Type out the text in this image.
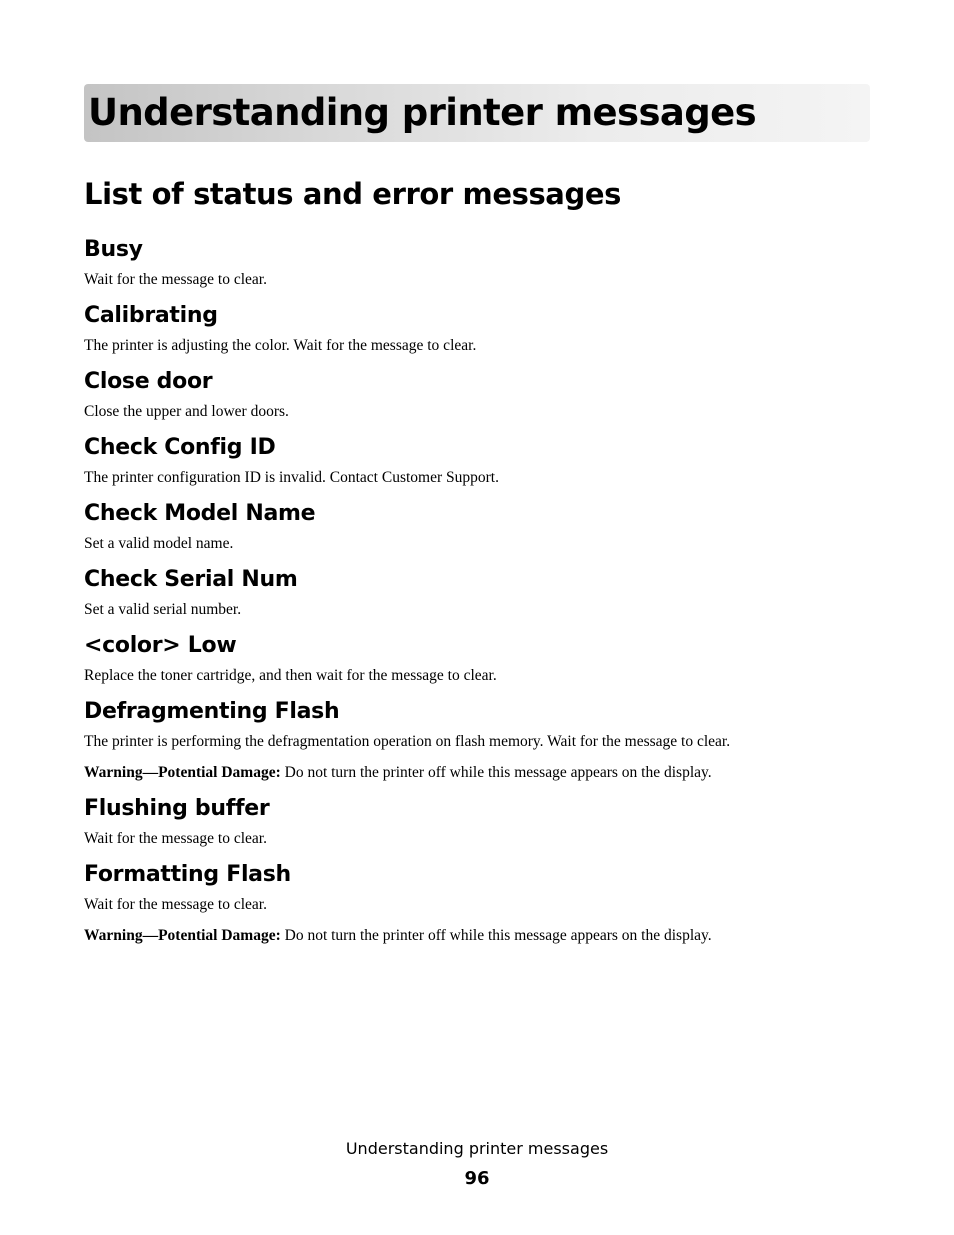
Understanding printer messages
List of status and error messages
Busy

Wait for the message to clear.

Calibrating

The printer is adjusting the color. Wait for the message to clear.

Close door

Close the upper and lower doors.

Check Config ID

The printer configuration ID is invalid. Contact Customer Support.

Check Model Name

Set a valid model name.

Check Serial Num

Set a valid serial number.

<color> Low

Replace the toner cartridge, and then wait for the message to clear.

Defragmenting Flash

The printer is performing the defragmentation operation on flash memory. Wait for the message to clear.

Warning—Potential Damage: Do not turn the printer off while this message appears on the display.

Flushing buffer

Wait for the message to clear.

Formatting Flash

Wait for the message to clear.

Warning—Potential Damage: Do not turn the printer off while this message appears on the display.

Understanding printer messages
96
